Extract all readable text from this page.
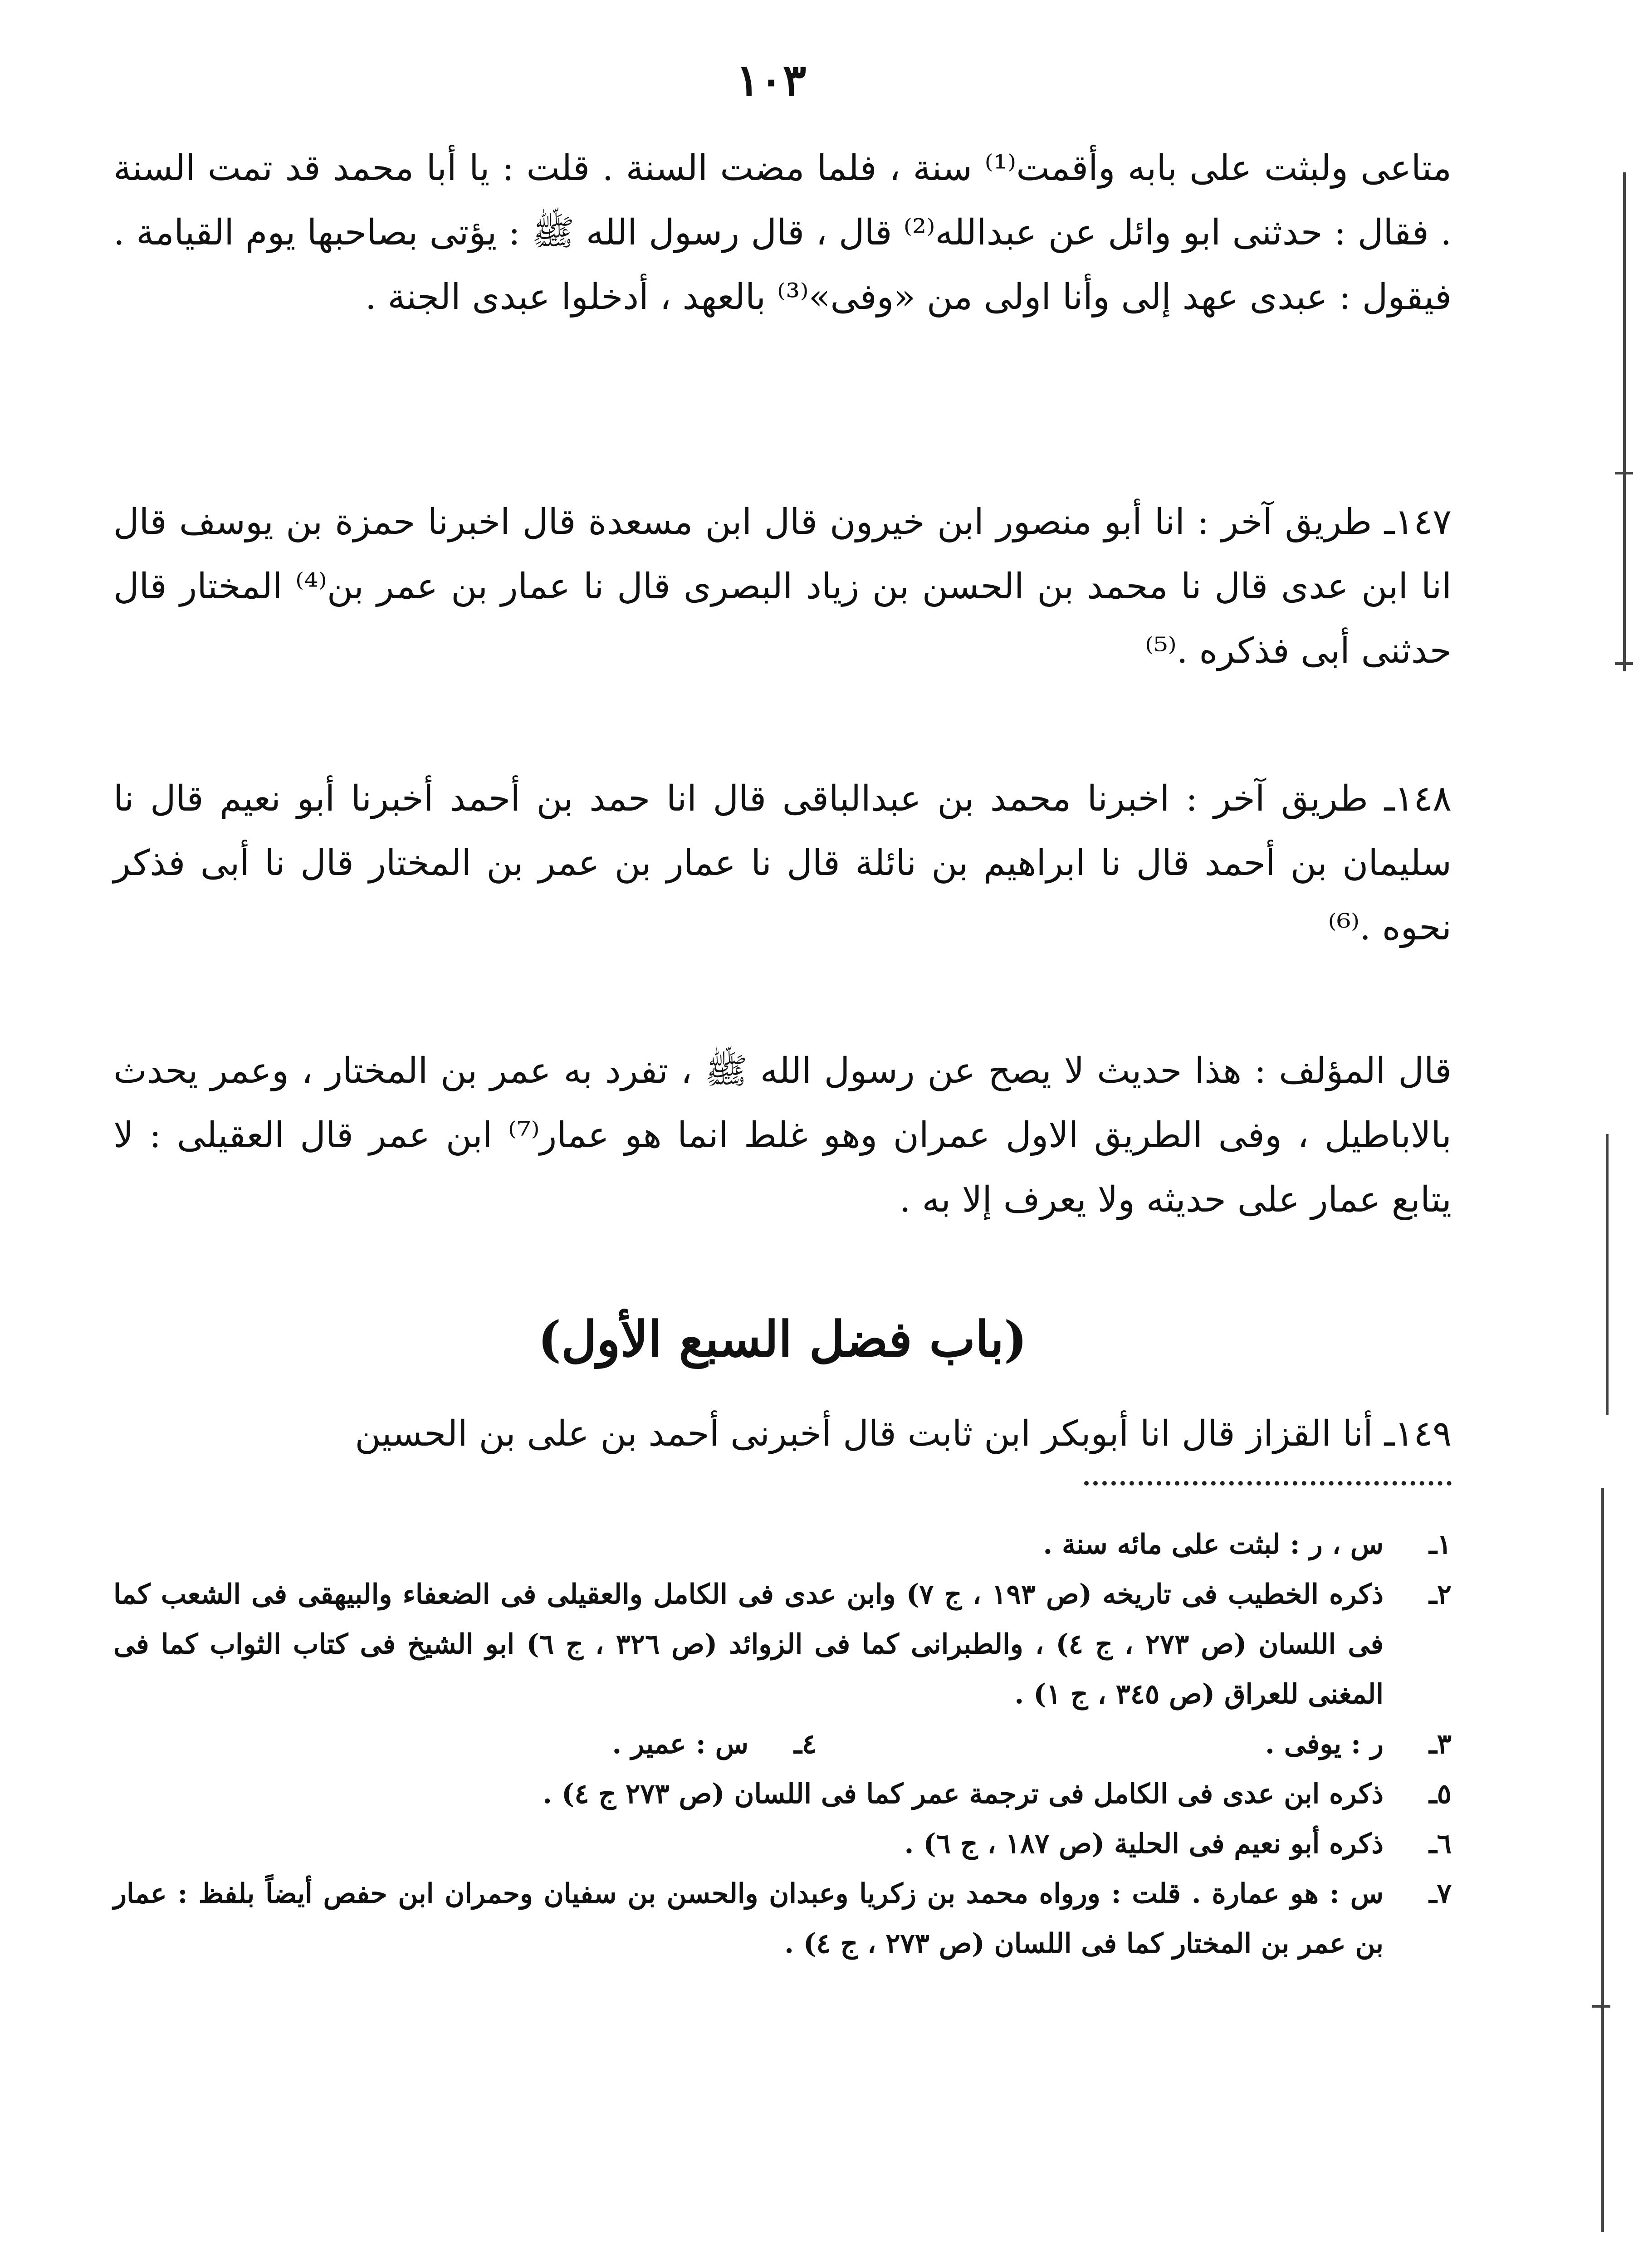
١٠٣
متاعى ولبثت على بابه وأقمت⁽¹⁾ سنة ، فلما مضت السنة . قلت : يا أبا محمد قد تمت السنة . فقال : حدثنى ابو وائل عن عبدالله⁽²⁾ قال ، قال رسول الله ﷺ : يؤتى بصاحبها يوم القيامة . فيقول : عبدى عهد إلى وأنا اولى من «وفى»⁽³⁾ بالعهد ، أدخلوا عبدى الجنة .
١٤٧ـ طريق آخر : انا أبو منصور ابن خيرون قال ابن مسعدة قال اخبرنا حمزة بن يوسف قال انا ابن عدى قال نا محمد بن الحسن بن زياد البصرى قال نا عمار بن عمر بن⁽⁴⁾ المختار قال حدثنى أبى فذكره .⁽⁵⁾
١٤٨ـ طريق آخر : اخبرنا محمد بن عبدالباقى قال انا حمد بن أحمد أخبرنا أبو نعيم قال نا سليمان بن أحمد قال نا ابراهيم بن نائلة قال نا عمار بن عمر بن المختار قال نا أبى فذكر نحوه .⁽⁶⁾
قال المؤلف : هذا حديث لا يصح عن رسول الله ﷺ ، تفرد به عمر بن المختار ، وعمر يحدث بالاباطيل ، وفى الطريق الاول عمران وهو غلط انما هو عمار⁽⁷⁾ ابن عمر قال العقيلى : لا يتابع عمار على حديثه ولا يعرف إلا به .
(باب فضل السبع الأول)
١٤٩ـ أنا القزاز قال انا أبوبكر ابن ثابت قال أخبرنى أحمد بن على بن الحسين
١ـ
س ، ر : لبثت على مائه سنة .
٢ـ
ذكره الخطيب فى تاريخه (ص ١٩٣ ، ج ٧) وابن عدى فى الكامل والعقيلى فى الضعفاء والبيهقى فى الشعب كما فى اللسان (ص ٢٧٣ ، ج ٤) ، والطبرانى كما فى الزوائد (ص ٣٢٦ ، ج ٦) ابو الشيخ فى كتاب الثواب كما فى المغنى للعراق (ص ٣٤٥ ، ج ١) .
٣ـ
ر : يوفى .
٤ـ
س : عمير .
٥ـ
ذكره ابن عدى فى الكامل فى ترجمة عمر كما فى اللسان (ص ٢٧٣ ج ٤) .
٦ـ
ذكره أبو نعيم فى الحلية (ص ١٨٧ ، ج ٦) .
٧ـ
س : هو عمارة . قلت : ورواه محمد بن زكريا وعبدان والحسن بن سفيان وحمران ابن حفص أيضاً بلفظ : عمار بن عمر بن المختار كما فى اللسان (ص ٢٧٣ ، ج ٤) .
